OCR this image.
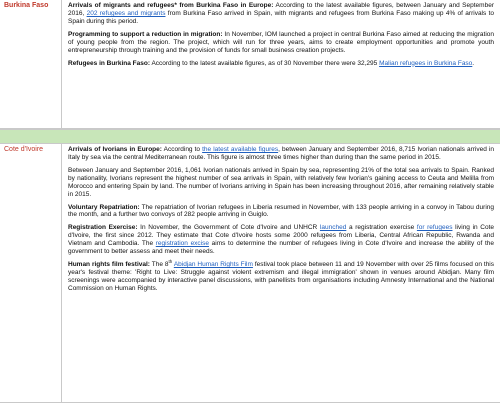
Burkina Faso	Arrivals of migrants and refugees* from Burkina Faso in Europe: According to the latest available figures, between January and September 2016, 202 refugees and migrants from Burkina Faso arrived in Spain, with migrants and refugees from Burkina Faso making up 4% of arrivals to Spain during this period.

Programming to support a reduction in migration: In November, IOM launched a project in central Burkina Faso aimed at reducing the migration of young people from the region. The project, which will run for three years, aims to create employment opportunities and promote youth entrepreneurship through training and the provision of funds for small business creation projects.

Refugees in Burkina Faso: According to the latest available figures, as of 30 November there were 32,295 Malian refugees in Burkina Faso.

Cote d'Ivoire	Arrivals of Ivorians in Europe: According to the latest available figures, between January and September 2016, 8,715 Ivorian nationals arrived in Italy by sea via the central Mediterranean route. This figure is almost three times higher than during than the same period in 2015.

Between January and September 2016, 1,061 Ivorian nationals arrived in Spain by sea, representing 21% of the total sea arrivals to Spain. Ranked by nationality, Ivorians represent the highest number of sea arrivals in Spain, with relatively few Ivorian's gaining access to Ceuta and Melilla from Morocco and entering Spain by land. The number of Ivorians arriving in Spain has been increasing throughout 2016, after remaining relatively stable in 2015.

Voluntary Repatriation: The repatriation of Ivorian refugees in Liberia resumed in November, with 133 people arriving in a convoy in Tabou during the month, and a further two convoys of 282 people arriving in Guiglo.

Registration Exercise: In November, the Government of Cote d'Ivoire and UNHCR launched a registration exercise for refugees living in Cote d'Ivoire, the first since 2012. They estimate that Cote d'Ivoire hosts some 2000 refugees from Liberia, Central African Republic, Rwanda and Vietnam and Cambodia. The registration excise aims to determine the number of refugees living in Cote d'Ivoire and increase the ability of the government to better assess and meet their needs.

Human rights film festival: The 8th Abidjan Human Rights Film festival took place between 11 and 19 November with over 25 films focused on this year's festival theme: 'Right to Live: Struggle against violent extremism and illegal immigration' shown in venues around Abidjan. Many film screenings were accompanied by interactive panel discussions, with panellists from organisations including Amnesty International and the National Commission on Human Rights.
